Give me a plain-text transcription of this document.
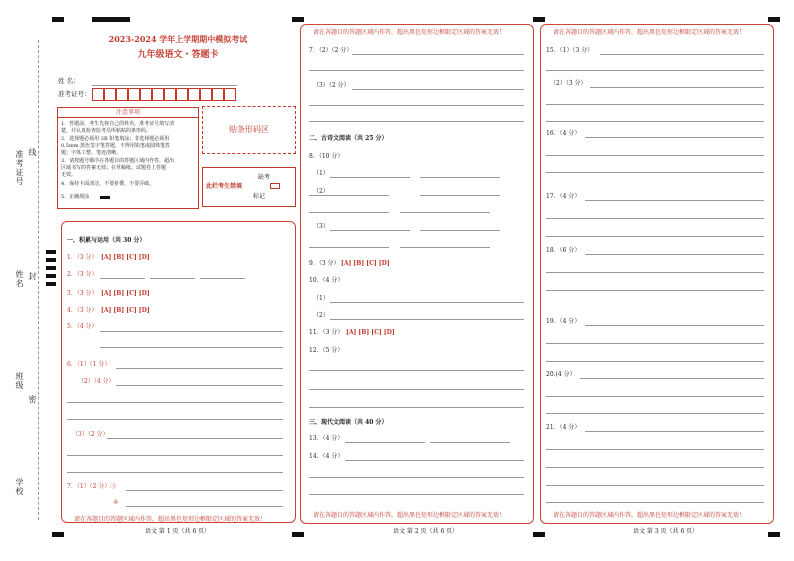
准考证号 线
姓名 封
班级
密
学校
2023-2024 学年上学期期中模拟考试
九年级语文・答题卡
姓 名：
准考证号：
注意事项
1．答题前，考生先将自己的姓名，准考证号填写清
楚，并认真检查监考员所粘贴的条形码。
2．选择题必须用 2B 铅笔填涂；非选择题必须用
0.5mm 黑色签字笔答题，不得用铅笔或圆珠笔答
题；字体工整、笔迹清晰。
3．请按题号顺序在各题目的答题区域内作答，超出
区域书写的答案无效；在草稿纸、试题卷上答题
无效。
4．保持卡面清洁，不要折叠、不要弄破。
5．正确填涂
贴条形码区
此栏考生禁填
缺考
标记
一、积累与运用（共 30 分）
1．（3 分） [A] [B] [C] [D]
2．（3 分）
3．（3 分） [A] [B] [C] [D]
4．（3 分） [A] [B] [C] [D]
5．（4 分）
6．（1）（1 分）
（2）（4 分）
（3）（2 分）
7．（1）（2 分）③
④
请在各题目的答题区域内作答，超出黑色矩形边框限定区域的答案无效！
语文 第 1 页（共 6 页）
请在各题目的答题区域内作答，超出黑色矩形边框限定区域的答案无效！
7．（2）（2 分）
（3）（2 分）
二、古诗文阅读（共 25 分）
8．（10 分）
（1）
（2）
（3）
9．（3 分） [A] [B] [C] [D]
10．（4 分）
（1）
（2）
11．（3 分） [A] [B] [C] [D]
12．（5 分）
三、现代文阅读（共 40 分）
13．（4 分）
14．（4 分）
请在各题目的答题区域内作答，超出黑色矩形边框限定区域的答案无效！
语文 第 2 页（共 6 页）
请在各题目的答题区域内作答，超出黑色矩形边框限定区域的答案无效！
15．（1）（3 分）
（2）（3 分）
16．（4 分）
17．（4 分）
18．（6 分）
19．（4 分）
20.(4 分）
21．（4 分）
请在各题目的答题区域内作答，超出黑色矩形边框限定区域的答案无效！
语文 第 3 页（共 6 页）
